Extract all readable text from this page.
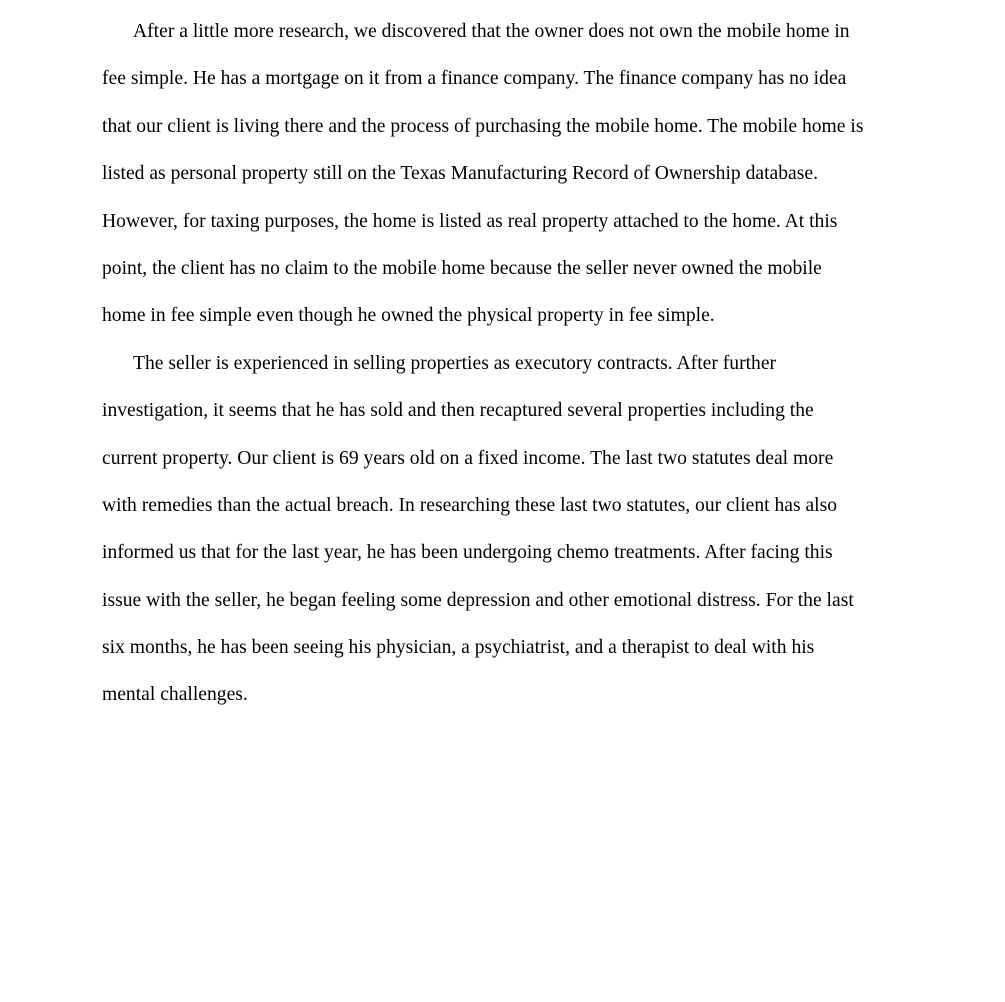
After a little more research, we discovered that the owner does not own the mobile home in
fee simple. He has a mortgage on it from a finance company. The finance company has no idea
that our client is living there and the process of purchasing the mobile home. The mobile home is
listed as personal property still on the Texas Manufacturing Record of Ownership database.
However, for taxing purposes, the home is listed as real property attached to the home. At this
point, the client has no claim to the mobile home because the seller never owned the mobile
home in fee simple even though he owned the physical property in fee simple.
The seller is experienced in selling properties as executory contracts. After further
investigation, it seems that he has sold and then recaptured several properties including the
current property. Our client is 69 years old on a fixed income. The last two statutes deal more
with remedies than the actual breach. In researching these last two statutes, our client has also
informed us that for the last year, he has been undergoing chemo treatments. After facing this
issue with the seller, he began feeling some depression and other emotional distress. For the last
six months, he has been seeing his physician, a psychiatrist, and a therapist to deal with his
mental challenges.
